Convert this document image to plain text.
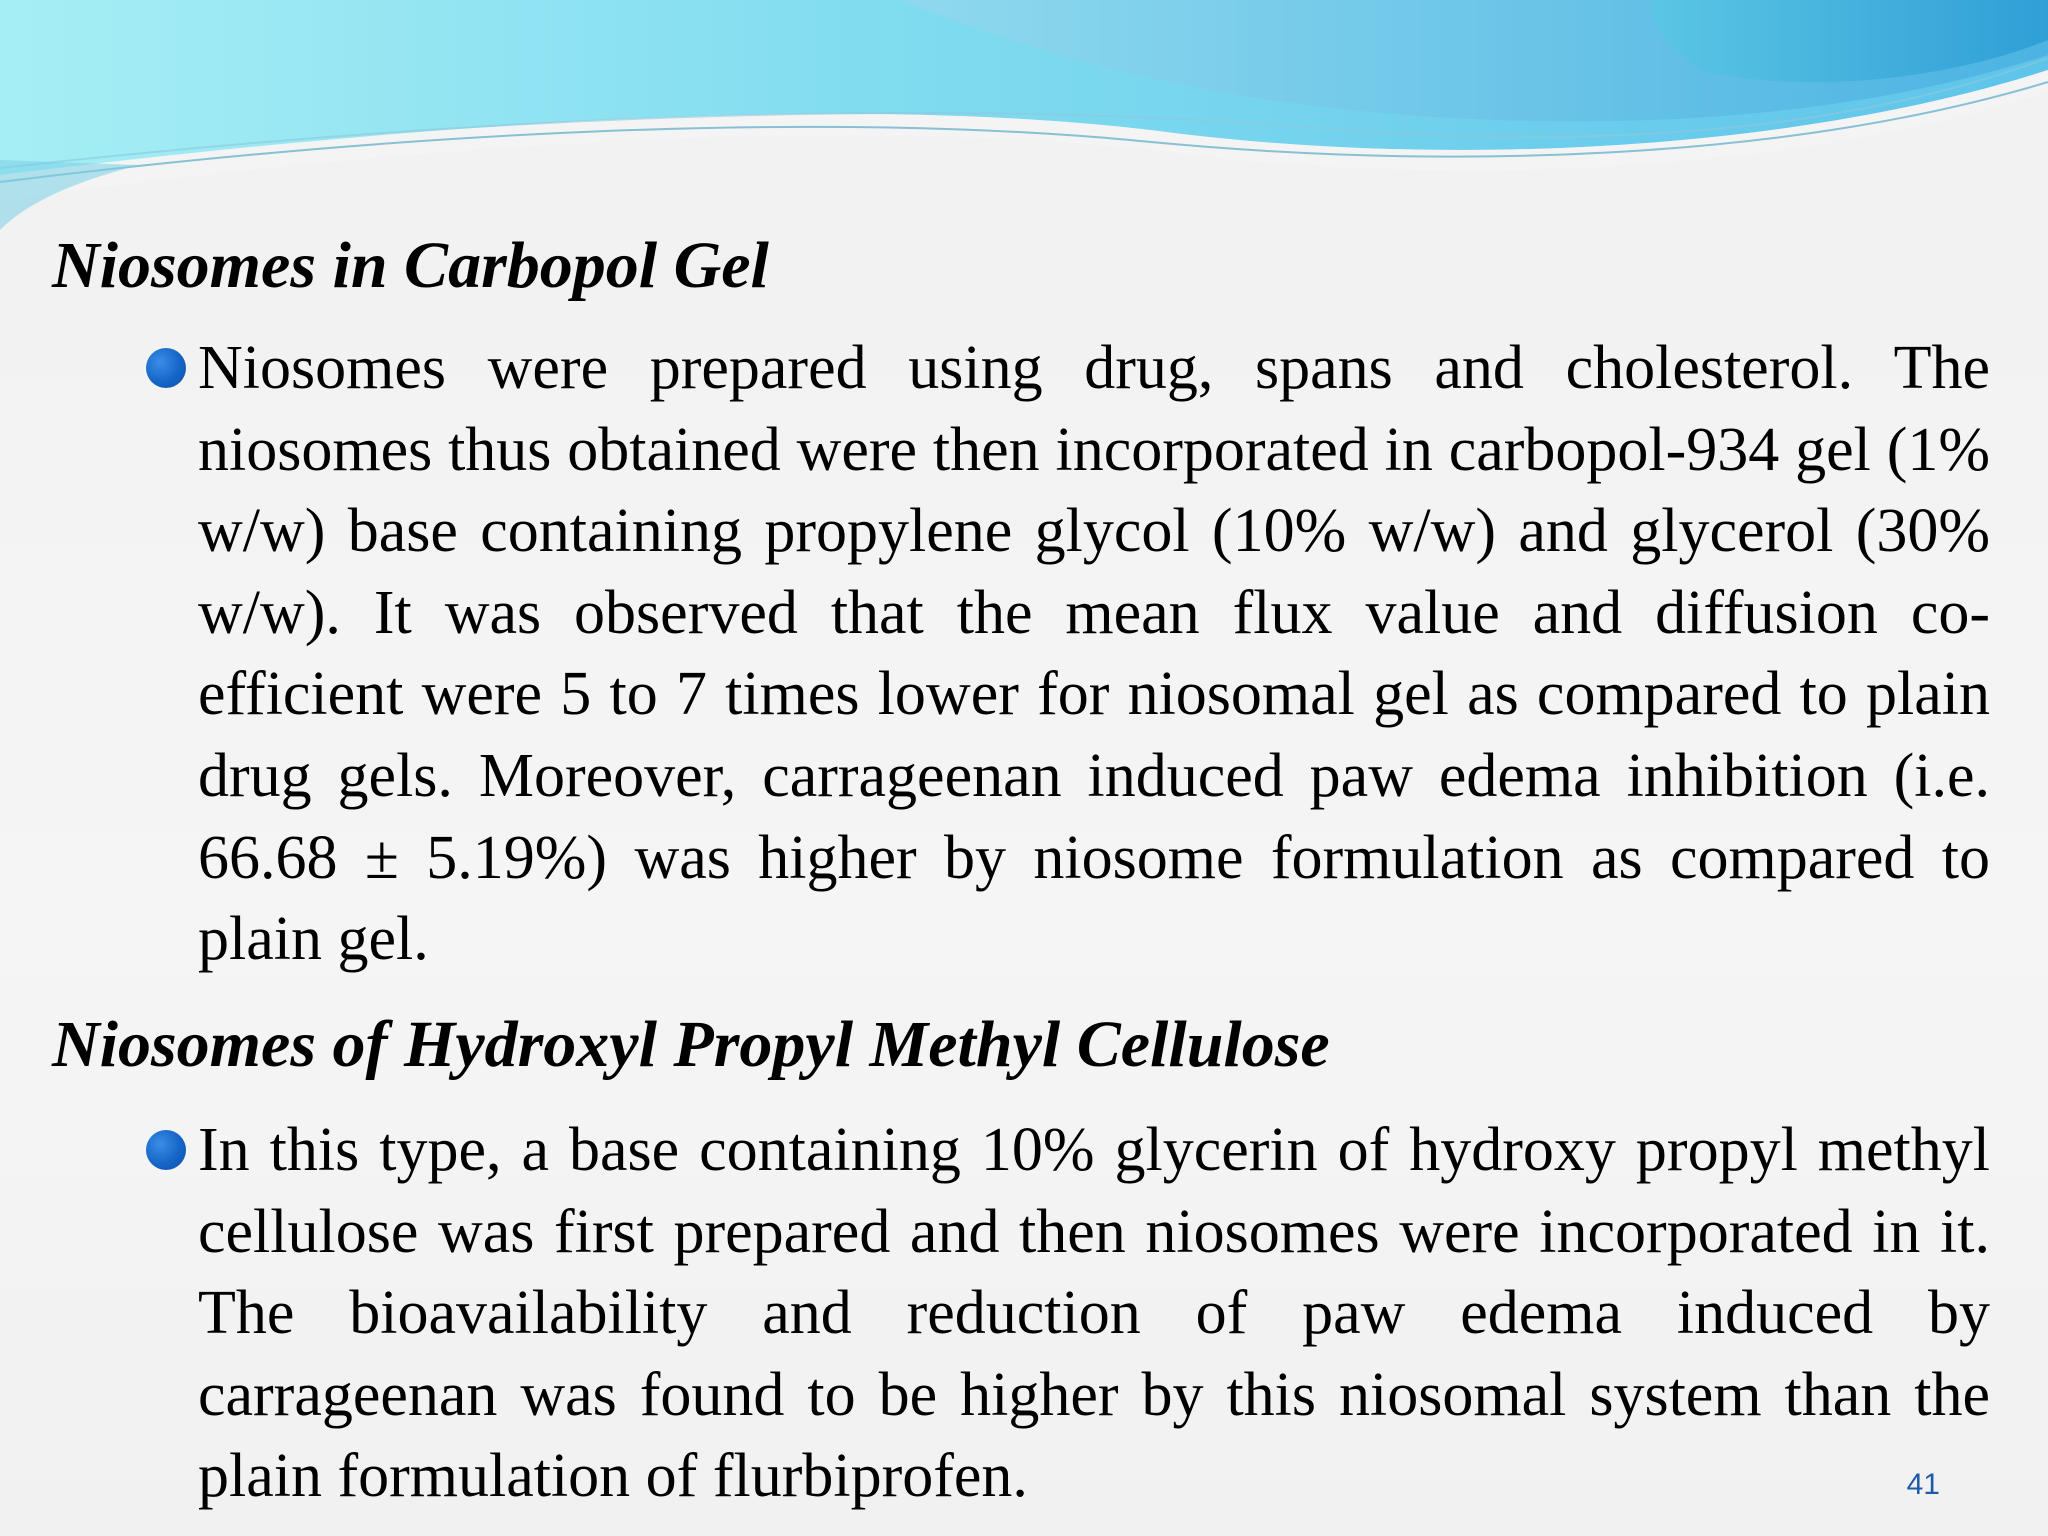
Niosomes in Carbopol Gel

Niosomes were prepared using drug, spans and cholesterol. The niosomes thus obtained were then incorporated in carbopol-934 gel (1% w/w) base containing propylene glycol (10% w/w) and glycerol (30% w/w). It was observed that the mean flux value and diffusion co-efficient were 5 to 7 times lower for niosomal gel as compared to plain drug gels. Moreover, carrageenan induced paw edema inhibition (i.e. 66.68 ± 5.19%) was higher by niosome formulation as compared to plain gel.

Niosomes of Hydroxyl Propyl Methyl Cellulose

In this type, a base containing 10% glycerin of hydroxy propyl methyl cellulose was first prepared and then niosomes were incorporated in it. The bioavailability and reduction of paw edema induced by carrageenan was found to be higher by this niosomal system than the plain formulation of flurbiprofen.	41
